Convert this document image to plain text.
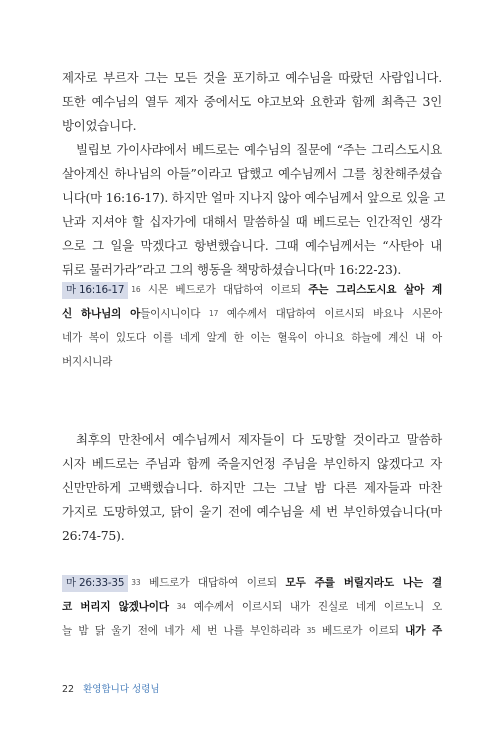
제자로 부르자 그는 모든 것을 포기하고 예수님을 따랐던 사람입니다.
또한 예수님의 열두 제자 중에서도 야고보와 요한과 함께 최측근 3인
방이었습니다.
빌립보 가이사랴에서 베드로는 예수님의 질문에 “주는 그리스도시요
살아계신 하나님의 아들”이라고 답했고 예수님께서 그를 칭찬해주셨습
니다(마 16:16-17). 하지만 얼마 지나지 않아 예수님께서 앞으로 있을 고
난과 지셔야 할 십자가에 대해서 말씀하실 때 베드로는 인간적인 생각
으로 그 일을 막겠다고 항변했습니다. 그때 예수님께서는 “사탄아 내
뒤로 물러가라”라고 그의 행동을 책망하셨습니다(마 16:22-23).
마 16:16-17 16 시몬 베드로가 대답하여 이르되 주는 그리스도시요 살아 계
신 하나님의 아들이시니이다 17 예수께서 대답하여 이르시되 바요나 시몬아
네가 복이 있도다 이를 네게 알게 한 이는 혈육이 아니요 하늘에 계신 내 아
버지시니라
최후의 만찬에서 예수님께서 제자들이 다 도망할 것이라고 말씀하
시자 베드로는 주님과 함께 죽을지언정 주님을 부인하지 않겠다고 자
신만만하게 고백했습니다. 하지만 그는 그날 밤 다른 제자들과 마찬
가지로 도망하였고, 닭이 울기 전에 예수님을 세 번 부인하였습니다(마
26:74-75).
마 26:33-35 33 베드로가 대답하여 이르되 모두 주를 버릴지라도 나는 결
코 버리지 않겠나이다 34 예수께서 이르시되 내가 진실로 네게 이르노니 오
늘 밤 닭 울기 전에 네가 세 번 나를 부인하리라 35 베드로가 이르되 내가 주
22 환영합니다 성령님
